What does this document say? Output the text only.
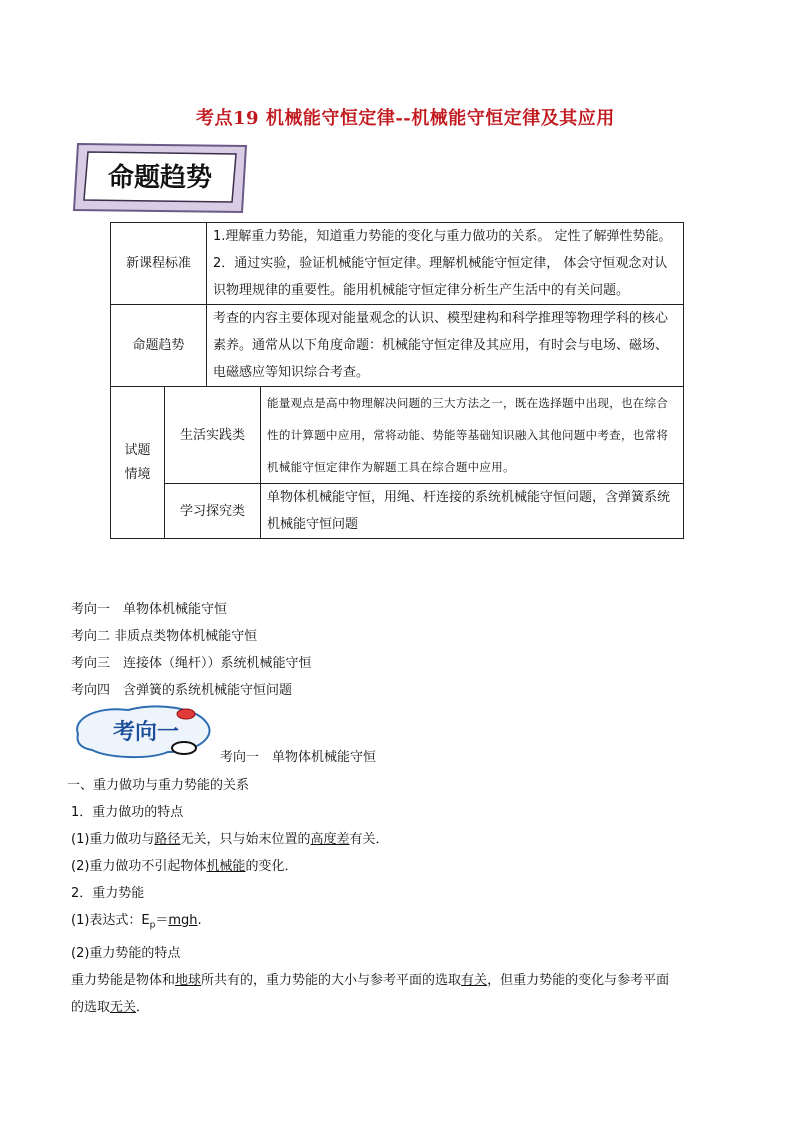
考点19 机械能守恒定律--机械能守恒定律及其应用
命题趋势
新课程标准		1.理解重力势能，知道重力势能的变化与重力做功的关系。 定性了解弹性势能。
2．通过实验，验证机械能守恒定律。理解机械能守恒定律， 体会守恒观念对认识物理规律的重要性。能用机械能守恒定律分析生产生活中的有关问题。	

命题趋势		考查的内容主要体现对能量观念的认识、模型建构和科学推理等物理学科的核心素养。通常从以下角度命题：机械能守恒定律及其应用，有时会与电场、磁场、电磁感应等知识综合考查。	

试题
情境	生活实践类		能量观点是高中物理解决问题的三大方法之一，既在选择题中出现，也在综合性的计算题中应用，常将动能、势能等基础知识融入其他问题中考查，也常将机械能守恒定律作为解题工具在综合题中应用。
	学习探究类		单物体机械能守恒，用绳、杆连接的系统机械能守恒问题，含弹簧系统机械能守恒问题
考向一　单物体机械能守恒
考向二 非质点类物体机械能守恒
考向三　连接体（绳杆））系统机械能守恒
考向四　含弹簧的系统机械能守恒问题
考向一
考向一　单物体机械能守恒
一、重力做功与重力势能的关系
1．重力做功的特点
(1)重力做功与路径无关，只与始末位置的高度差有关．
(2)重力做功不引起物体机械能的变化．
2．重力势能
(1)表达式：$E_p=mgh$.
(2)重力势能的特点
重力势能是物体和地球所共有的，重力势能的大小与参考平面的选取有关，但重力势能的变化与参考平面
的选取无关．
